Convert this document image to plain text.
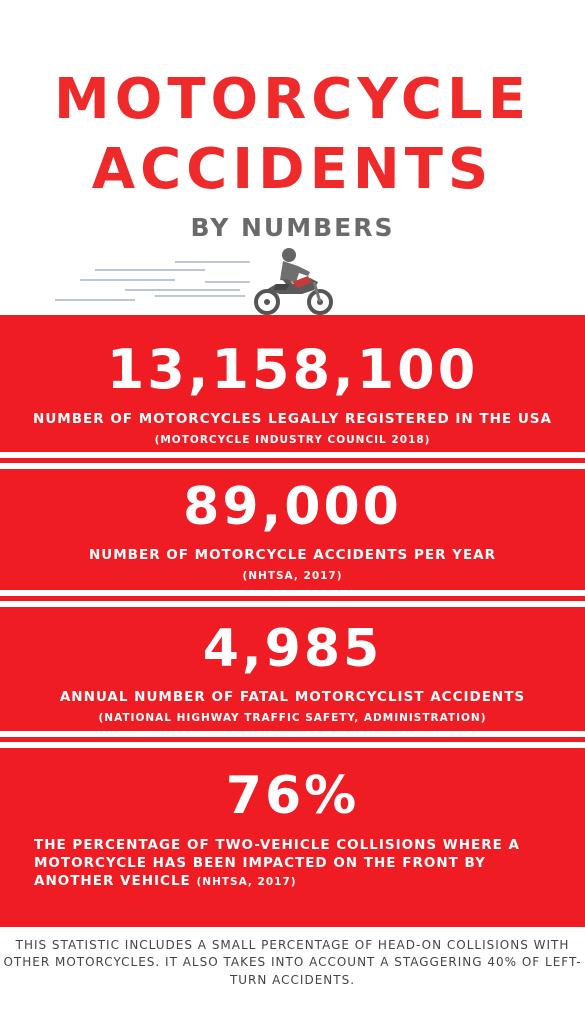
MOTORCYCLE
ACCIDENTS
BY NUMBERS
13,158,100
NUMBER OF MOTORCYCLES LEGALLY REGISTERED IN THE USA
(MOTORCYCLE INDUSTRY COUNCIL 2018)
89,000
NUMBER OF MOTORCYCLE ACCIDENTS PER YEAR
(NHTSA, 2017)
4,985
ANNUAL NUMBER OF FATAL MOTORCYCLIST ACCIDENTS
(NATIONAL HIGHWAY TRAFFIC SAFETY, ADMINISTRATION)
76%
THE PERCENTAGE OF TWO-VEHICLE COLLISIONS WHERE A MOTORCYCLE HAS BEEN IMPACTED ON THE FRONT BY ANOTHER VEHICLE (NHTSA, 2017)
THIS STATISTIC INCLUDES A SMALL PERCENTAGE OF HEAD-ON COLLISIONS WITH OTHER MOTORCYCLES. IT ALSO TAKES INTO ACCOUNT A STAGGERING 40% OF LEFT-TURN ACCIDENTS.
